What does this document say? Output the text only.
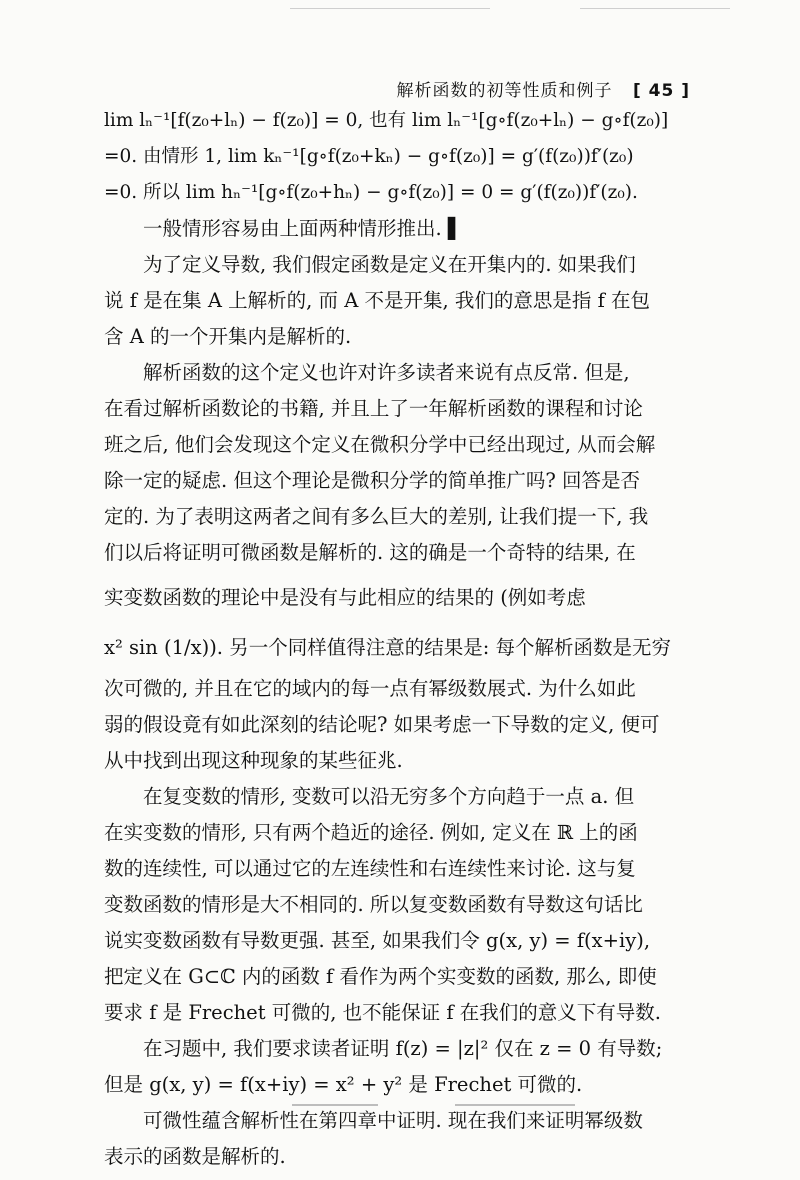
解析函数的初等性质和例子 [ 45 ]
lim lₙ⁻¹[f(z₀+lₙ) − f(z₀)] = 0, 也有 lim lₙ⁻¹[g∘f(z₀+lₙ) − g∘f(z₀)]
=0. 由情形 1, lim kₙ⁻¹[g∘f(z₀+kₙ) − g∘f(z₀)] = g′(f(z₀))f′(z₀)
=0. 所以 lim hₙ⁻¹[g∘f(z₀+hₙ) − g∘f(z₀)] = 0 = g′(f(z₀))f′(z₀).
一般情形容易由上面两种情形推出. ▌
为了定义导数, 我们假定函数是定义在开集内的. 如果我们
说 f 是在集 A 上解析的, 而 A 不是开集, 我们的意思是指 f 在包
含 A 的一个开集内是解析的.
解析函数的这个定义也许对许多读者来说有点反常. 但是,
在看过解析函数论的书籍, 并且上了一年解析函数的课程和讨论
班之后, 他们会发现这个定义在微积分学中已经出现过, 从而会解
除一定的疑虑. 但这个理论是微积分学的简单推广吗? 回答是否
定的. 为了表明这两者之间有多么巨大的差别, 让我们提一下, 我
们以后将证明可微函数是解析的. 这的确是一个奇特的结果, 在
实变数函数的理论中是没有与此相应的结果的 (例如考虑
x² sin (1/x)). 另一个同样值得注意的结果是: 每个解析函数是无穷
次可微的, 并且在它的域内的每一点有幂级数展式. 为什么如此
弱的假设竟有如此深刻的结论呢? 如果考虑一下导数的定义, 便可
从中找到出现这种现象的某些征兆.
在复变数的情形, 变数可以沿无穷多个方向趋于一点 a. 但
在实变数的情形, 只有两个趋近的途径. 例如, 定义在 ℝ 上的函
数的连续性, 可以通过它的左连续性和右连续性来讨论. 这与复
变数函数的情形是大不相同的. 所以复变数函数有导数这句话比
说实变数函数有导数更强. 甚至, 如果我们令 g(x, y) = f(x+iy),
把定义在 G⊂ℂ 内的函数 f 看作为两个实变数的函数, 那么, 即使
要求 f 是 Frechet 可微的, 也不能保证 f 在我们的意义下有导数.
在习题中, 我们要求读者证明 f(z) = |z|² 仅在 z = 0 有导数;
但是 g(x, y) = f(x+iy) = x² + y² 是 Frechet 可微的.
可微性蕴含解析性在第四章中证明. 现在我们来证明幂级数
表示的函数是解析的.
